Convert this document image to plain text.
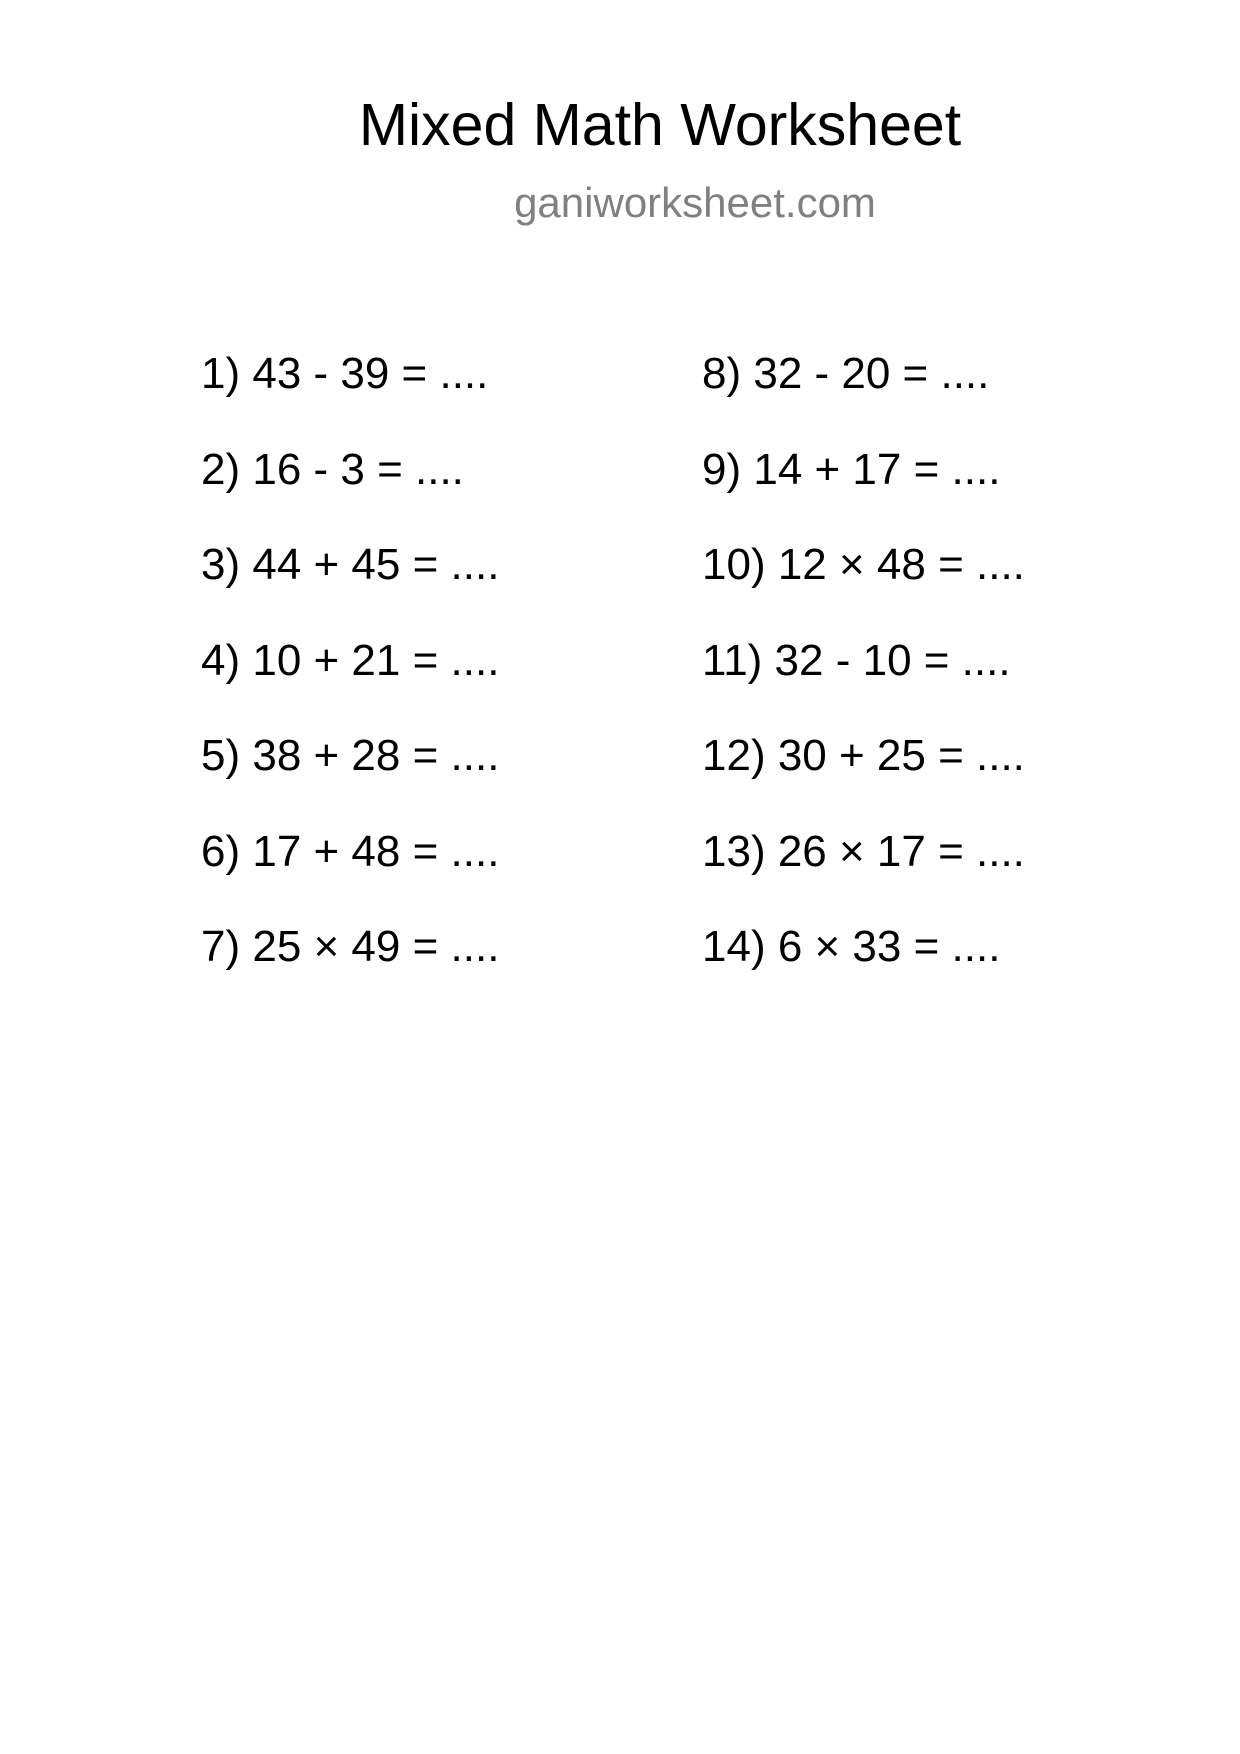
Mixed Math Worksheet
ganiworksheet.com
1) 43 - 39 = ....
2) 16 - 3 = ....
3) 44 + 45 = ....
4) 10 + 21 = ....
5) 38 + 28 = ....
6) 17 + 48 = ....
7) 25 × 49 = ....
8) 32 - 20 = ....
9) 14 + 17 = ....
10) 12 × 48 = ....
11) 32 - 10 = ....
12) 30 + 25 = ....
13) 26 × 17 = ....
14) 6 × 33 = ....
